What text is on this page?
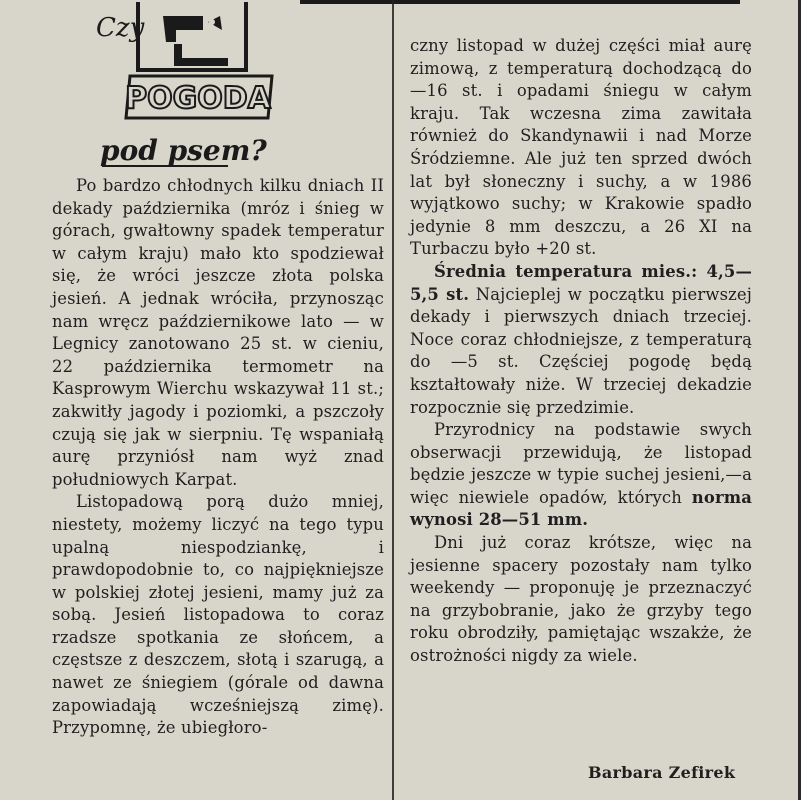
Czy
POGODA
pod psem?

Po bardzo chłodnych kilku dniach II dekady października (mróz i śnieg w górach, gwałtowny spadek temperatur w całym kraju) mało kto spodziewał się, że wróci jeszcze złota polska jesień. A jednak wróciła, przynosząc nam wręcz październikowe lato — w Legnicy zanotowano 25 st. w cieniu, 22 października termometr na Kasprowym Wierchu wskazywał 11 st.; zakwitły jagody i poziomki, a pszczoły czują się jak w sierpniu. Tę wspaniałą aurę przyniósł nam wyż znad południowych Karpat.

Listopadową porą dużo mniej, niestety, możemy liczyć na tego typu upalną niespodziankę, i prawdopodobnie to, co najpiękniejsze w polskiej złotej jesieni, mamy już za sobą. Jesień listopadowa to coraz rzadsze spotkania ze słońcem, a częstsze z deszczem, słotą i szarugą, a nawet ze śniegiem (górale od dawna zapowiadają wcześniejszą zimę). Przypomnę, że ubiegłoro-

czny listopad w dużej części miał aurę zimową, z temperaturą dochodzącą do —16 st. i opadami śniegu w całym kraju. Tak wczesna zima zawitała również do Skandynawii i nad Morze Śródziemne. Ale już ten sprzed dwóch lat był słoneczny i suchy, a w 1986 wyjątkowo suchy; w Krakowie spadło jedynie 8 mm deszczu, a 26 XI na Turbaczu było +20 st.

Średnia temperatura mies.: 4,5—5,5 st. Najcieplej w początku pierwszej dekady i pierwszych dniach trzeciej. Noce coraz chłodniejsze, z temperaturą do —5 st. Częściej pogodę będą kształtowały niże. W trzeciej dekadzie rozpocznie się przedzimie.

Przyrodnicy na podstawie swych obserwacji przewidują, że listopad będzie jeszcze w typie suchej jesieni,—a więc niewiele opadów, których norma wynosi 28—51 mm.

Dni już coraz krótsze, więc na jesienne spacery pozostały nam tylko weekendy — proponuję je przeznaczyć na grzybobranie, jako że grzyby tego roku obrodziły, pamiętając wszakże, że ostrożności nigdy za wiele.

Barbara Zefirek
